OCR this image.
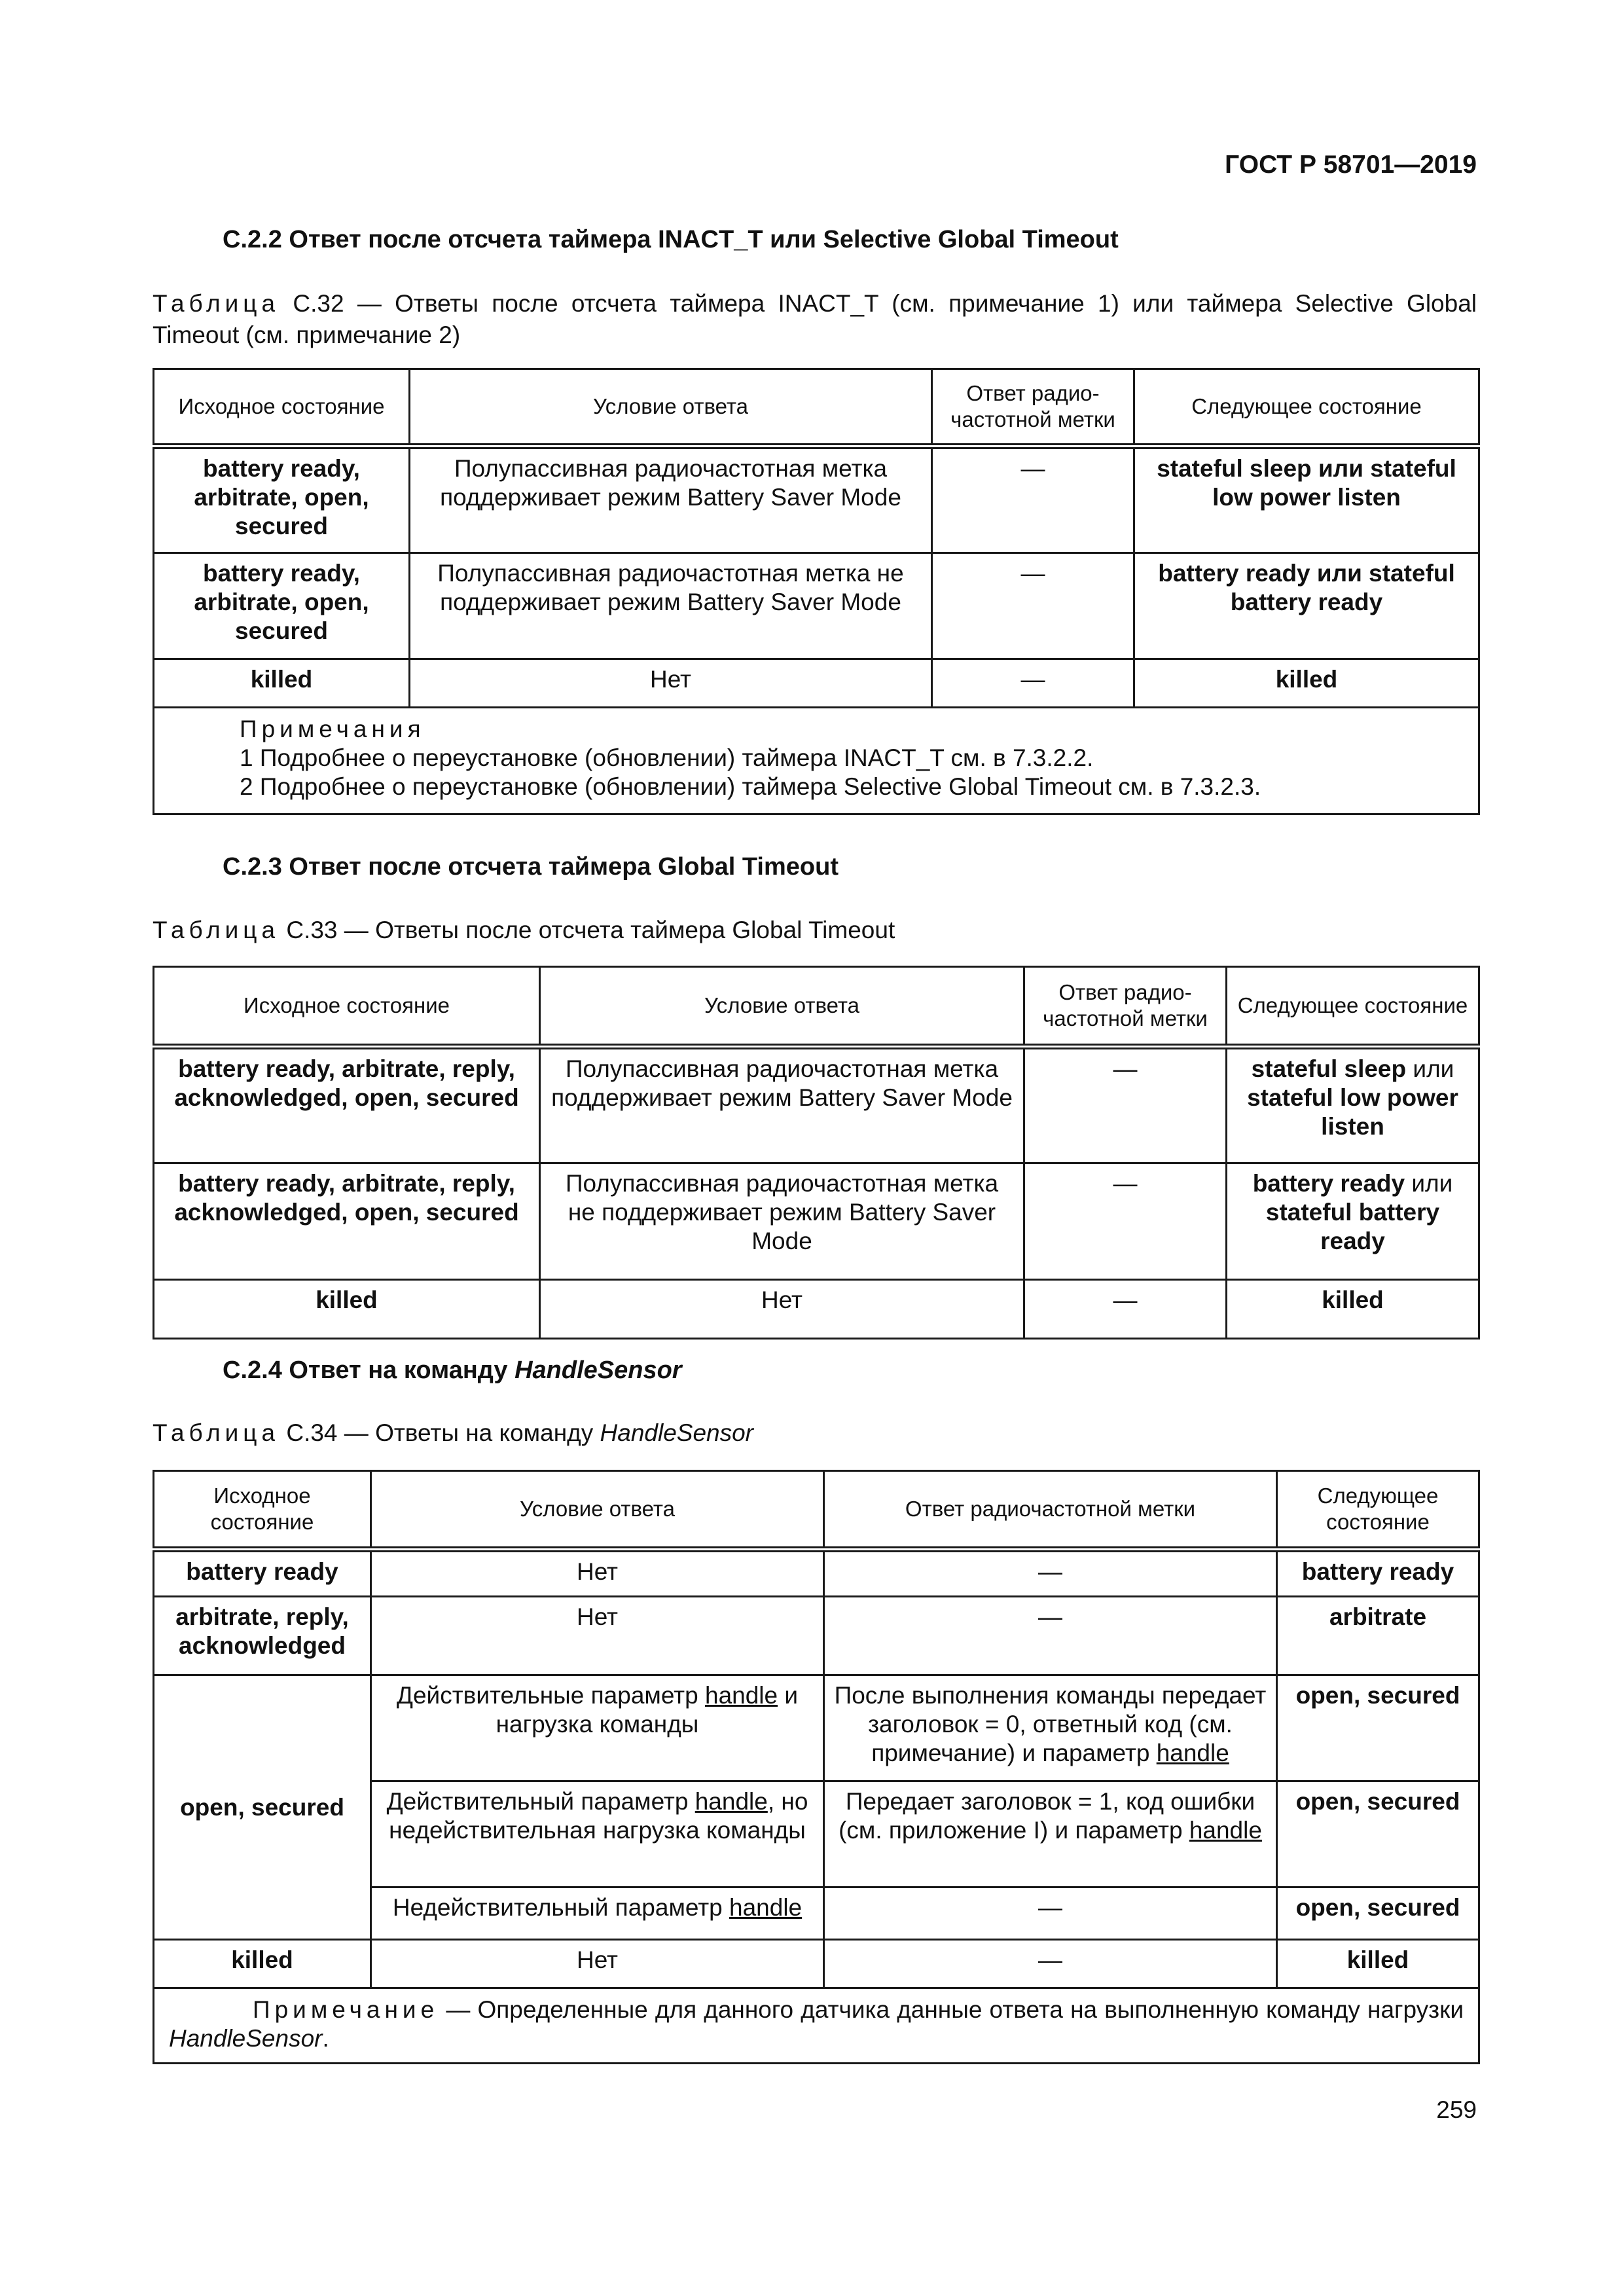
ГОСТ Р 58701—2019
С.2.2 Ответ после отсчета таймера INACT_T или Selective Global Timeout
Таблица С.32 — Ответы после отсчета таймера INACT_T (см. примечание 1) или таймера Selective Global Timeout (см. примечание 2)
Исходное состояние	Условие ответа	Ответ радио-частотной метки	Следующее состояние
battery ready, arbitrate, open, secured	Полупассивная радиочастотная метка поддерживает режим Battery Saver Mode	—	stateful sleep или stateful low power listen
battery ready, arbitrate, open, secured	Полупассивная радиочастотная метка не поддерживает режим Battery Saver Mode	—	battery ready или stateful battery ready
killed	Нет	—	killed

Примечания
1 Подробнее о переустановке (обновлении) таймера INACT_T см. в 7.3.2.2.
2 Подробнее о переустановке (обновлении) таймера Selective Global Timeout см. в 7.3.2.3.			
С.2.3 Ответ после отсчета таймера Global Timeout
Таблица С.33 — Ответы после отсчета таймера Global Timeout
Исходное состояние	Условие ответа	Ответ радио-частотной метки	Следующее состояние
battery ready, arbitrate, reply, acknowledged, open, secured	Полупассивная радиочастотная метка поддерживает режим Battery Saver Mode	—	stateful sleep или stateful low power listen
battery ready, arbitrate, reply, acknowledged, open, secured	Полупассивная радиочастотная метка не поддерживает режим Battery Saver Mode	—	battery ready или stateful battery ready
killed	Нет	—	killed
С.2.4 Ответ на команду HandleSensor
Таблица С.34 — Ответы на команду HandleSensor
Исходное состояние	Условие ответа	Ответ радиочастотной метки	Следующее состояние
battery ready	Нет	—	battery ready
arbitrate, reply, acknowledged	Нет	—	arbitrate
open, secured	Действительные параметр handle и нагрузка команды	После выполнения команды передает заголовок = 0, ответный код (см. примечание) и параметр handle	open, secured
	Действительный параметр handle, но недействительная нагрузка команды	Передает заголовок = 1, код ошибки (см. приложение I) и параметр handle	open, secured
	Недействительный параметр handle	—	open, secured
killed	Нет	—	killed
Примечание — Определенные для данного датчика данные ответа на выполненную команду нагрузки HandleSensor.			
259
